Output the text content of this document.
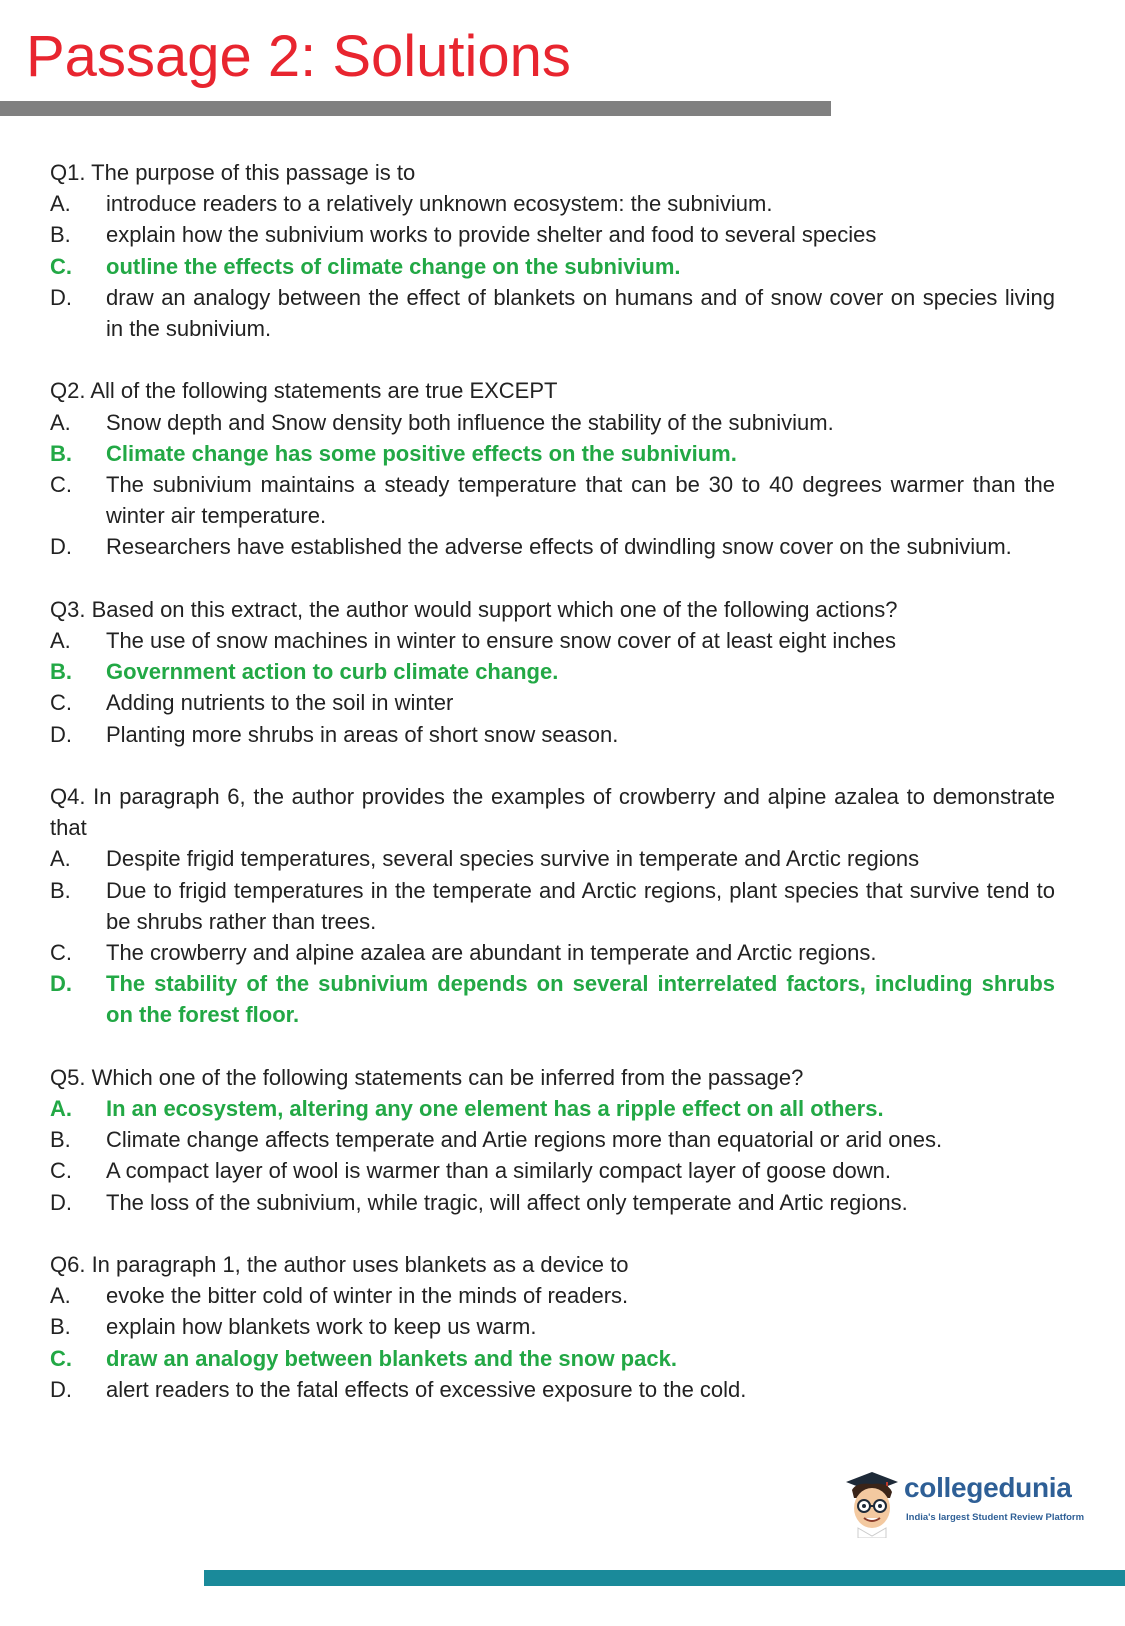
Passage 2: Solutions
Q1. The purpose of this passage is to
A.	introduce readers to a relatively unknown ecosystem: the subnivium.
B.	explain how the subnivium works to provide shelter and food to several species
C.	outline the effects of climate change on the subnivium.
D.	draw an analogy between the effect of blankets on humans and of snow cover on species living in the subnivium.
Q2. All of the following statements are true EXCEPT
A.	Snow depth and Snow density both influence the stability of the subnivium.
B.	Climate change has some positive effects on the subnivium.
C.	The subnivium maintains a steady temperature that can be 30 to 40 degrees warmer than the winter air temperature.
D.	Researchers have established the adverse effects of dwindling snow cover on the subnivium.
Q3. Based on this extract, the author would support which one of the following actions?
A.	The use of snow machines in winter to ensure snow cover of at least eight inches
B.	Government action to curb climate change.
C.	Adding nutrients to the soil in winter
D.	Planting more shrubs in areas of short snow season.
Q4. In paragraph 6, the author provides the examples of crowberry and alpine azalea to demonstrate that
A.	Despite frigid temperatures, several species survive in temperate and Arctic regions
B.	Due to frigid temperatures in the temperate and Arctic regions, plant species that survive tend to be shrubs rather than trees.
C.	The crowberry and alpine azalea are abundant in temperate and Arctic regions.
D.	The stability of the subnivium depends on several interrelated factors, including shrubs on the forest floor.
Q5. Which one of the following statements can be inferred from the passage?
A.	In an ecosystem, altering any one element has a ripple effect on all others.
B.	Climate change affects temperate and Artie regions more than equatorial or arid ones.
C.	A compact layer of wool is warmer than a similarly compact layer of goose down.
D.	The loss of the subnivium, while tragic, will affect only temperate and Artic regions.
Q6. In paragraph 1, the author uses blankets as a device to
A.	evoke the bitter cold of winter in the minds of readers.
B.	explain how blankets work to keep us warm.
C.	draw an analogy between blankets and the snow pack.
D.	alert readers to the fatal effects of excessive exposure to the cold.
collegedunia
India's largest Student Review Platform
